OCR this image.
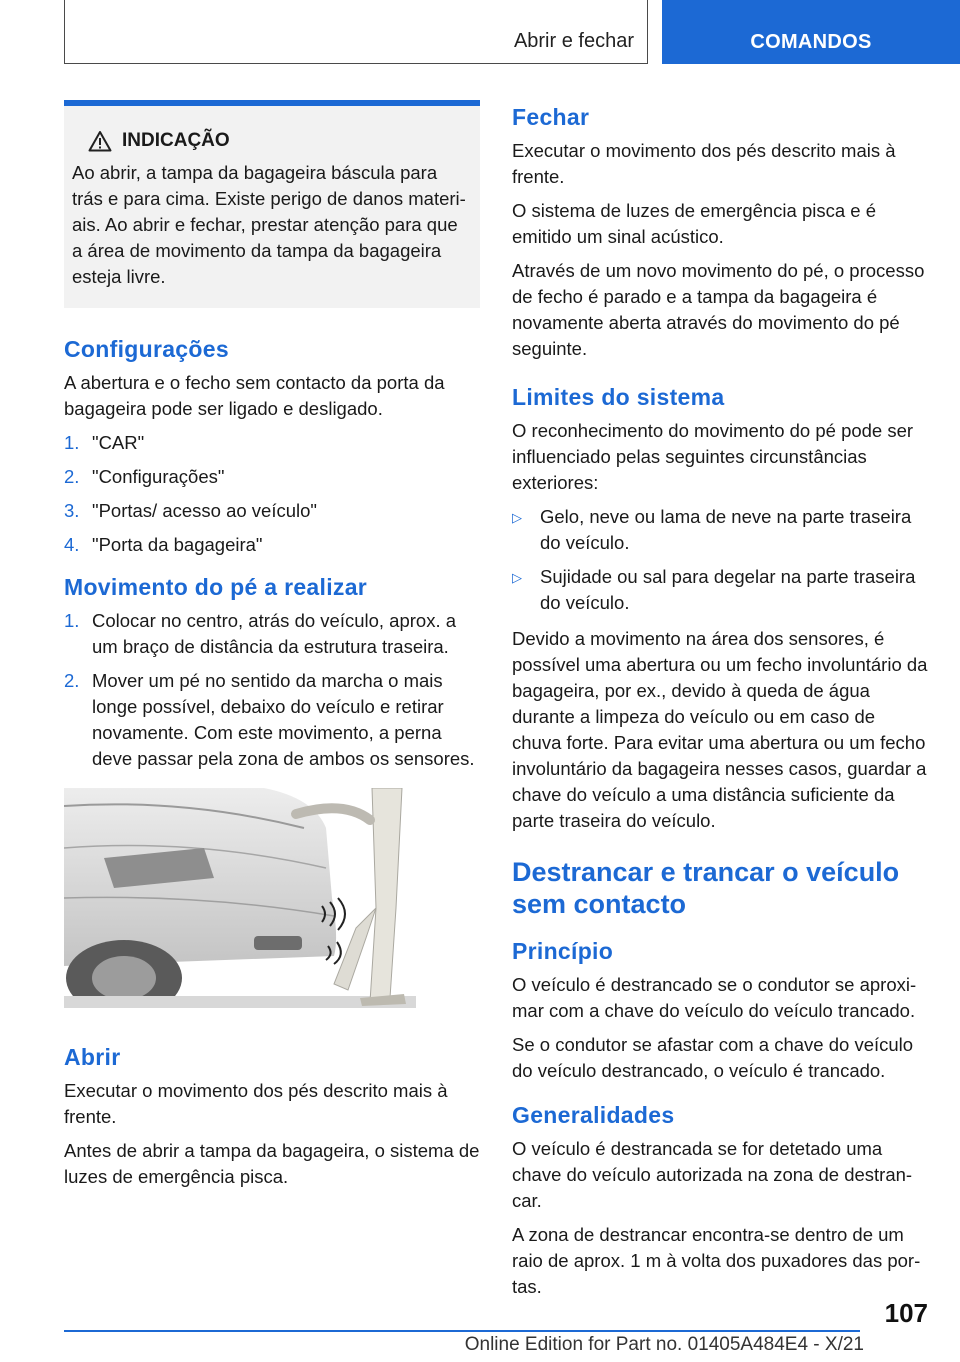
Abrir e fechar	COMANDOS
INDICAÇÃO

Ao abrir, a tampa da bagageira báscula para trás e para cima. Existe perigo de danos materiais. Ao abrir e fechar, prestar atenção para que a área de movimento da tampa da bagageira esteja livre.

Configurações

A abertura e o fecho sem contacto da porta da bagageira pode ser ligado e desligado.

1. "CAR"
2. "Configurações"
3. "Portas/ acesso ao veículo"
4. "Porta da bagageira"
Movimento do pé a realizar
1. Colocar no centro, atrás do veículo, aprox. a um braço de distância da estrutura traseira.
2. Mover um pé no sentido da marcha o mais longe possível, debaixo do veículo e retirar novamente. Com este movimento, a perna deve passar pela zona de ambos os sensores.
Abrir

Executar o movimento dos pés descrito mais à frente.

Antes de abrir a tampa da bagageira, o sistema de luzes de emergência pisca.

Fechar

Executar o movimento dos pés descrito mais à frente.

O sistema de luzes de emergência pisca e é emitido um sinal acústico.

Através de um novo movimento do pé, o processo de fecho é parado e a tampa da bagageira é novamente aberta através do movimento do pé seguinte.

Limites do sistema

O reconhecimento do movimento do pé pode ser influenciado pelas seguintes circunstâncias exteriores:

▷ Gelo, neve ou lama de neve na parte traseira do veículo.
▷ Sujidade ou sal para degelar na parte traseira do veículo.

Devido a movimento na área dos sensores, é possível uma abertura ou um fecho involuntário da bagageira, por ex., devido à queda de água durante a limpeza do veículo ou em caso de chuva forte. Para evitar uma abertura ou um fecho involuntário da bagageira nesses casos, guardar a chave do veículo a uma distância suficiente da parte traseira do veículo.

Destrancar e trancar o veículo sem contacto
Princípio

O veículo é destrancado se o condutor se aproximar com a chave do veículo do veículo trancado.

Se o condutor se afastar com a chave do veículo do veículo destrancado, o veículo é trancado.

Generalidades

O veículo é destrancada se for detetado uma chave do veículo autorizada na zona de destrancar.

A zona de destrancar encontra-se dentro de um raio de aprox. 1 m à volta dos puxadores das portas.

107
Online Edition for Part no. 01405A484E4 - X/21
